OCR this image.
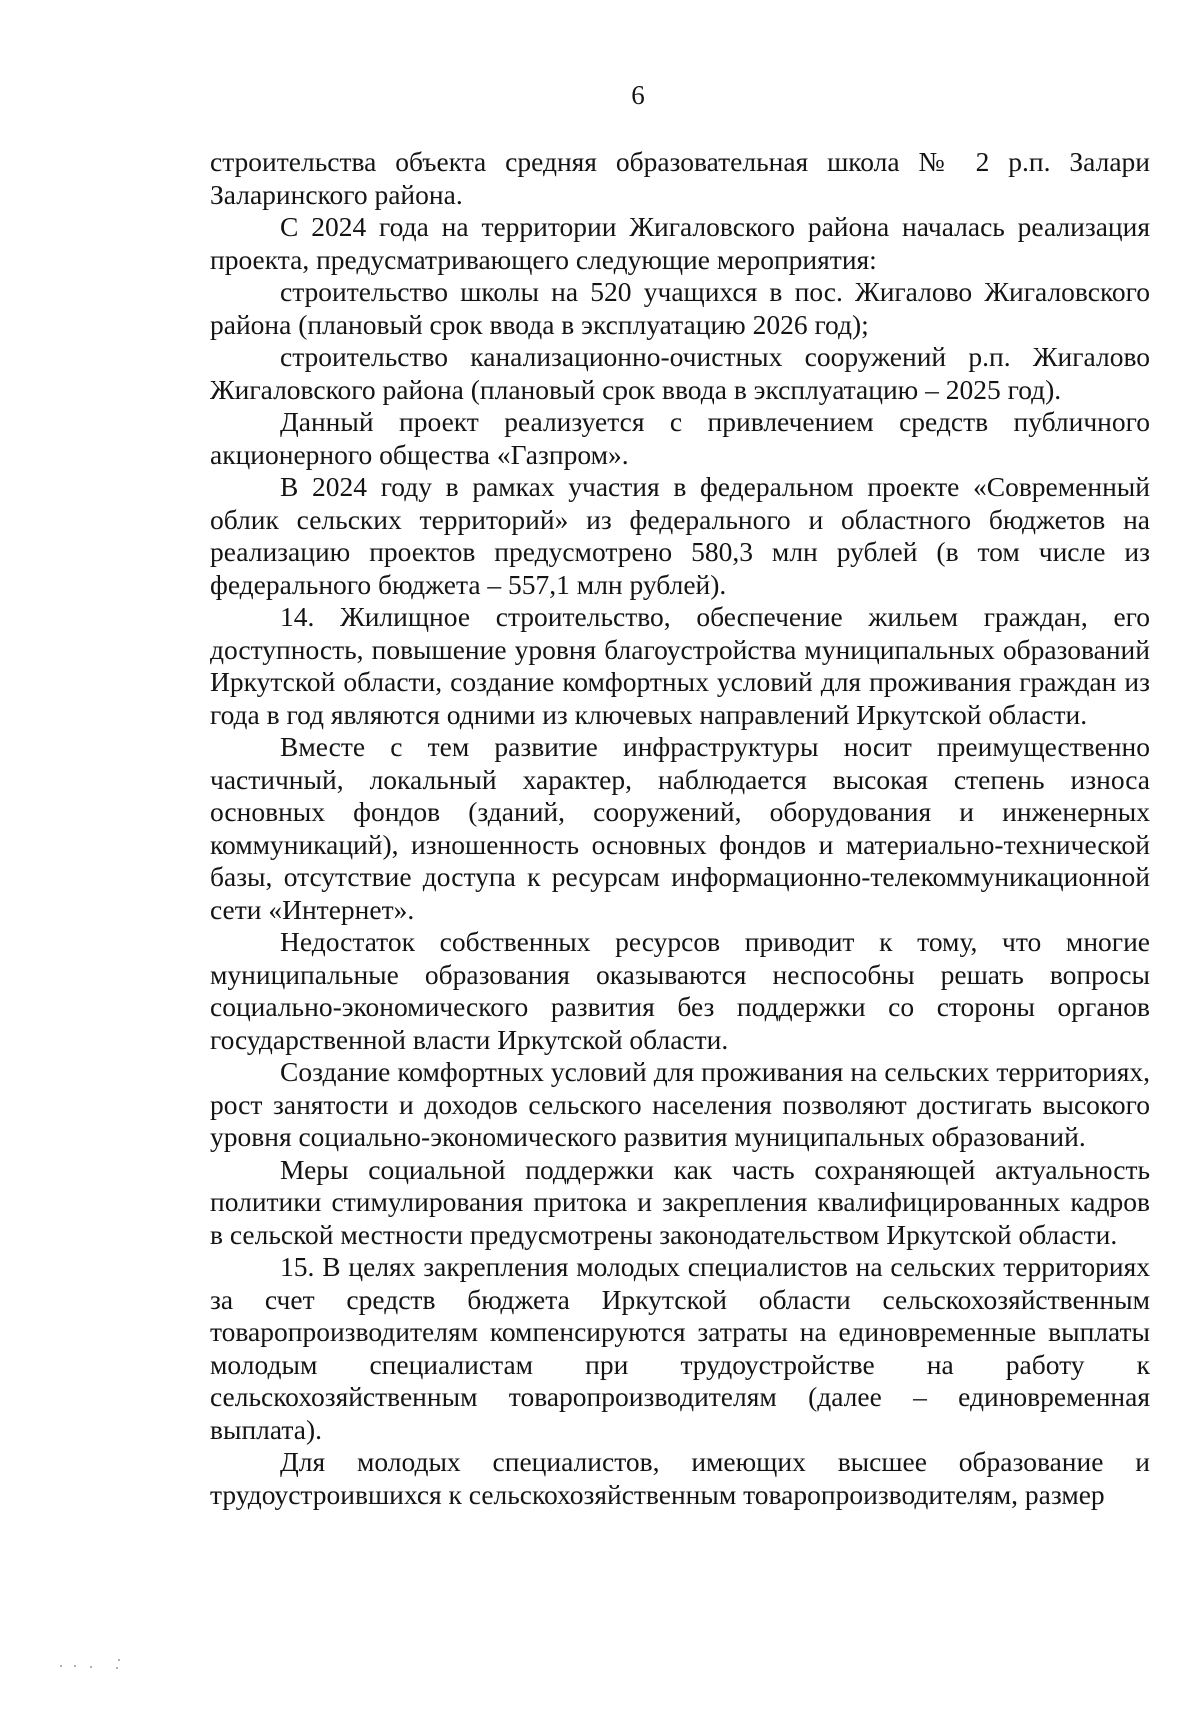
6

строительства объекта средняя образовательная школа № 2 р.п. Залари Заларинского района.

С 2024 года на территории Жигаловского района началась реализация проекта, предусматривающего следующие мероприятия:

строительство школы на 520 учащихся в пос. Жигалово Жигаловского района (плановый срок ввода в эксплуатацию 2026 год);

строительство канализационно-очистных сооружений р.п. Жигалово Жигаловского района (плановый срок ввода в эксплуатацию – 2025 год).

Данный проект реализуется с привлечением средств публичного акционерного общества «Газпром».

В 2024 году в рамках участия в федеральном проекте «Современный облик сельских территорий» из федерального и областного бюджетов на реализацию проектов предусмотрено 580,3 млн рублей (в том числе из федерального бюджета – 557,1 млн рублей).

14. Жилищное строительство, обеспечение жильем граждан, его доступность, повышение уровня благоустройства муниципальных образований Иркутской области, создание комфортных условий для проживания граждан из года в год являются одними из ключевых направлений Иркутской области.

Вместе с тем развитие инфраструктуры носит преимущественно частичный, локальный характер, наблюдается высокая степень износа основных фондов (зданий, сооружений, оборудования и инженерных коммуникаций), изношенность основных фондов и материально-технической базы, отсутствие доступа к ресурсам информационно-телекоммуникационной сети «Интернет».

Недостаток собственных ресурсов приводит к тому, что многие муниципальные образования оказываются неспособны решать вопросы социально-экономического развития без поддержки со стороны органов государственной власти Иркутской области.

Создание комфортных условий для проживания на сельских территориях, рост занятости и доходов сельского населения позволяют достигать высокого уровня социально-экономического развития муниципальных образований.

Меры социальной поддержки как часть сохраняющей актуальность политики стимулирования притока и закрепления квалифицированных кадров в сельской местности предусмотрены законодательством Иркутской области.

15. В целях закрепления молодых специалистов на сельских территориях за счет средств бюджета Иркутской области сельскохозяйственным товаропроизводителям компенсируются затраты на единовременные выплаты молодым специалистам при трудоустройстве на работу к сельскохозяйственным товаропроизводителям (далее – единовременная выплата).

Для молодых специалистов, имеющих высшее образование и трудоустроившихся к сельскохозяйственным товаропроизводителям, размер
